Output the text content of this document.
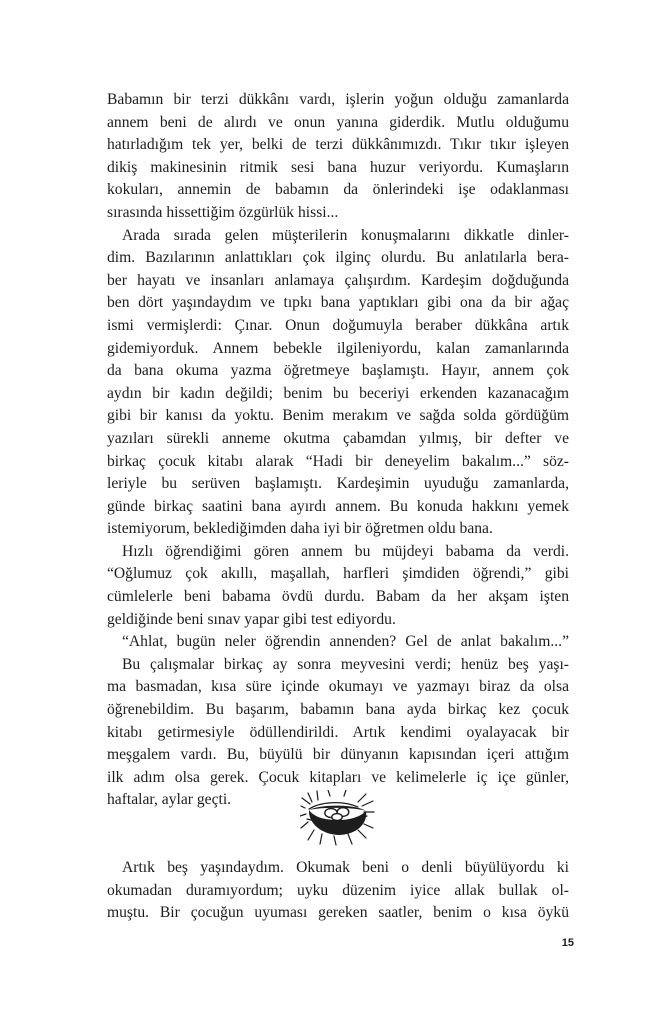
Babamın bir terzi dükkânı vardı, işlerin yoğun olduğu zamanlarda
annem beni de alırdı ve onun yanına giderdik. Mutlu olduğumu
hatırladığım tek yer, belki de terzi dükkânımızdı. Tıkır tıkır işleyen
dikiş makinesinin ritmik sesi bana huzur veriyordu. Kumaşların
kokuları, annemin de babamın da önlerindeki işe odaklanması
sırasında hissettiğim özgürlük hissi...
Arada sırada gelen müşterilerin konuşmalarını dikkatle dinler-
dim. Bazılarının anlattıkları çok ilginç olurdu. Bu anlatılarla bera-
ber hayatı ve insanları anlamaya çalışırdım. Kardeşim doğduğunda
ben dört yaşındaydım ve tıpkı bana yaptıkları gibi ona da bir ağaç
ismi vermişlerdi: Çınar. Onun doğumuyla beraber dükkâna artık
gidemiyorduk. Annem bebekle ilgileniyordu, kalan zamanlarında
da bana okuma yazma öğretmeye başlamıştı. Hayır, annem çok
aydın bir kadın değildi; benim bu beceriyi erkenden kazanacağım
gibi bir kanısı da yoktu. Benim merakım ve sağda solda gördüğüm
yazıları sürekli anneme okutma çabamdan yılmış, bir defter ve
birkaç çocuk kitabı alarak “Hadi bir deneyelim bakalım...” söz-
leriyle bu serüven başlamıştı. Kardeşimin uyuduğu zamanlarda,
günde birkaç saatini bana ayırdı annem. Bu konuda hakkını yemek
istemiyorum, beklediğimden daha iyi bir öğretmen oldu bana.
Hızlı öğrendiğimi gören annem bu müjdeyi babama da verdi.
“Oğlumuz çok akıllı, maşallah, harfleri şimdiden öğrendi,” gibi
cümlelerle beni babama övdü durdu. Babam da her akşam işten
geldiğinde beni sınav yapar gibi test ediyordu.
“Ahlat, bugün neler öğrendin annenden? Gel de anlat bakalım...”
Bu çalışmalar birkaç ay sonra meyvesini verdi; henüz beş yaşı-
ma basmadan, kısa süre içinde okumayı ve yazmayı biraz da olsa
öğrenebildim. Bu başarım, babamın bana ayda birkaç kez çocuk
kitabı getirmesiyle ödüllendirildi. Artık kendimi oyalayacak bir
meşgalem vardı. Bu, büyülü bir dünyanın kapısından içeri attığım
ilk adım olsa gerek. Çocuk kitapları ve kelimelerle iç içe günler,
haftalar, aylar geçti.
Artık beş yaşındaydım. Okumak beni o denli büyülüyordu ki
okumadan duramıyordum; uyku düzenim iyice allak bullak ol-
muştu. Bir çocuğun uyuması gereken saatler, benim o kısa öykü
15
